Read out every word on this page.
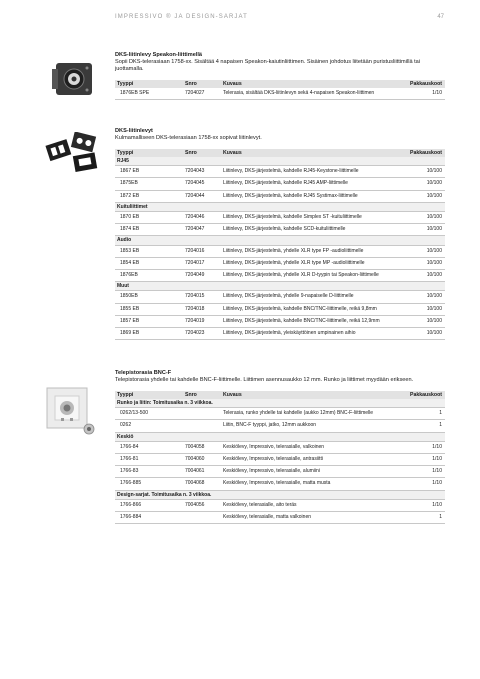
IMPRESSIVO ® JA DESIGN-SARJAT	47
DKS-liitinlevy Speakon-liittimellä
Sopii DKS-telerasiaan 1758-xx. Sisältää 4 napaisen Speakon-kaiutinliittimen. Sisäinen johdotus liitetään puristusliittimillä tai juottamalla.
Tyyppi	Snro	Kuvaus	Pakkauskoot
1876EB SPE	7204027	Telerasia, sisältää DKS-liitinlevyn sekä 4-napaisen Speakon-liittimen	1/10
DKS-liitinlevyt
Kulmamalliseen DKS-telerasiaan 1758-xx sopivat liitinlevyt.
Tyyppi	Snro	Kuvaus	Pakkauskoot
RJ45			
1867 EB	7204043	Liitinlevy, DKS-järjestelmä, kahdelle RJ45-Keystone-liittimelle	10/100
1875EB	7204045	Liitinlevy, DKS-järjestelmä, kahdelle RJ45 AMP-liittimelle	10/100
1872 EB	7204044	Liitinlevy, DKS-järjestelmä, kahdelle RJ45 Systimax-liittimelle	10/100
Kuituliittimet			
1870 EB	7204046	Liitinlevy, DKS-järjestelmä, kahdelle Simplex ST -kuituliittimelle	10/100
1874 EB	7204047	Liitinlevy, DKS-järjestelmä, kahdelle SCD-kuituliittimelle	10/100
Audio			
1853 EB	7204016	Liitinlevy, DKS-järjestelmä, yhdelle XLR type FP -audioliittimelle	10/100
1854 EB	7204017	Liitinlevy, DKS-järjestelmä, yhdelle XLR type MP -audioliittimelle	10/100
1876EB	7204049	Liitinlevy, DKS-järjestelmä, yhdelle XLR D-tyypin tai Speakon-liittimelle	10/100
Muut			
1850EB	7204015	Liitinlevy, DKS-järjestelmä, yhdelle 9-napaiselle D-liittimelle	10/100
1855 EB	7204018	Liitinlevy, DKS-järjestelmä, kahdelle BNC/TNC-liittimelle, reikä 9,8mm	10/100
1857 EB	7204019	Liitinlevy, DKS-järjestelmä, kahdelle BNC/TNC-liittimelle, reikä 12,9mm	10/100
1869 EB	7204023	Liitinlevy, DKS-järjestelmä, yleiskäyttöinen umpinainen aihio	10/100
Telepistorasia BNC-F
Telepistorasia yhdelle tai kahdelle BNC-F-liittimelle. Liittimen asennusaukko 12 mm. Runko ja liittimet myydään erikseen.
Tyyppi	Snro	Kuvaus	Pakkauskoot
Runko ja liitin: Toimitusaika n. 3 viikkoa.			
0262/13-500		Telerasia, runko yhdelle tai kahdelle (aukko 12mm) BNC-F-liittimelle	1
0262		Liitin, BNC-F tyyppi, jatko, 12mm aukkoon	1
Keskiö			
1766-84	7004058	Keskiölevy, Impressivo, telerasialle, valkoinen	1/10
1766-81	7004060	Keskiölevy, Impressivo, telerasialle, antrasiitti	1/10
1766-83	7004061	Keskiölevy, Impressivo, telerasialle, alumiini	1/10
1766-885	7004068	Keskiölevy, Impressivo, telerasialle, matta musta	1/10
Design-sarjat. Toimitusaika n. 3 viikkoa.			
1766-866	7004056	Keskiölevy, telerasialle, aito teräs	1/10
1766-884		Keskiölevy, telerasialle, matta valkoinen	1
